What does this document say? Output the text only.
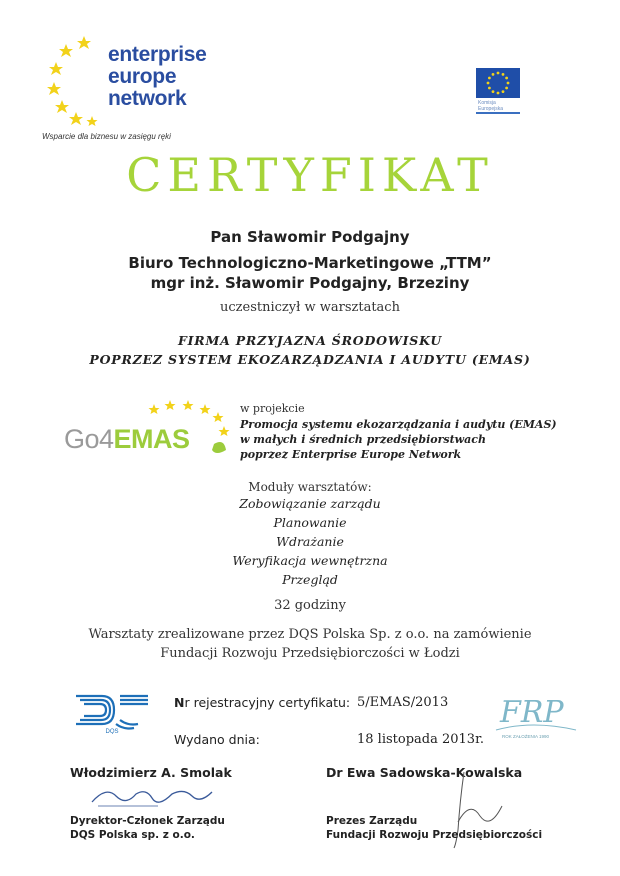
enterprise
europe
network
Wsparcie dla biznesu w zasięgu ręki
Komisja Europejska
CERTYFIKAT
Pan Sławomir Podgajny
Biuro Technologiczno-Marketingowe „TTM”
mgr inż. Sławomir Podgajny, Brzeziny
uczestniczył w warsztatach
FIRMA PRZYJAZNA ŚRODOWISKU
POPRZEZ SYSTEM EKOZARZĄDZANIA I AUDYTU (EMAS)
Go4EMAS
w projekcie
Promocja systemu ekozarządzania i audytu (EMAS)
w małych i średnich przedsiębiorstwach
poprzez Enterprise Europe Network
Moduły warsztatów:
Zobowiązanie zarządu
Planowanie
Wdrażanie
Weryfikacja wewnętrzna
Przegląd
32 godziny
Warsztaty zrealizowane przez DQS Polska Sp. z o.o. na zamówienie
Fundacji Rozwoju Przedsiębiorczości w Łodzi
DQS
Nr rejestracyjny certyfikatu: 5/EMAS/2013
Wydano dnia:	18 listopada 2013r.
FRP
ROK ZAŁOŻENIA 1990
Włodzimierz A. Smolak
Dyrektor-Członek Zarządu
DQS Polska sp. z o.o.
Dr Ewa Sadowska-Kowalska
Prezes Zarządu
Fundacji Rozwoju Przedsiębiorczości
